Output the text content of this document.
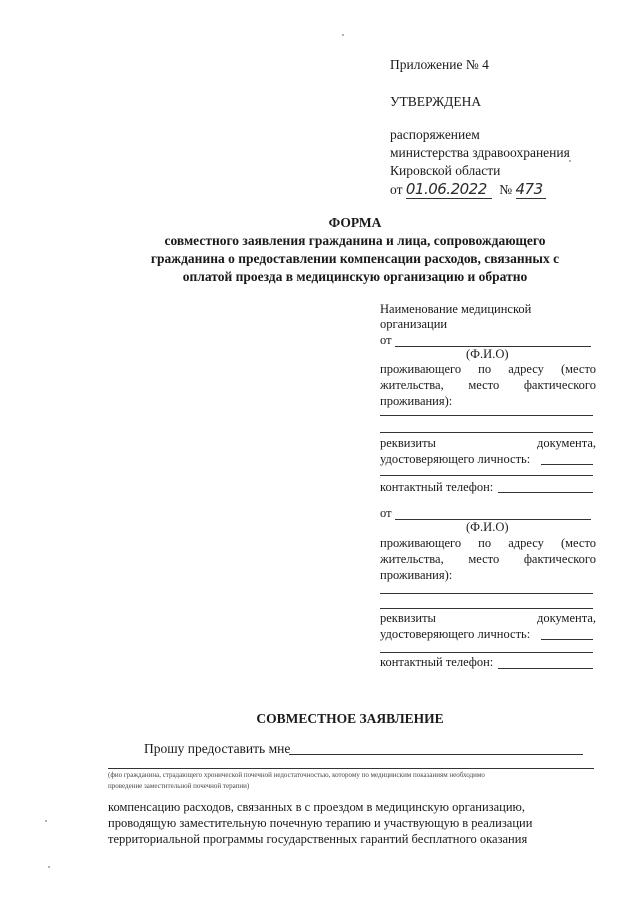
Приложение № 4
УТВЕРЖДЕНА
распоряжением
министерства здравоохранения
Кировской области
от 01.06.2022 № 473
ФОРМА
совместного заявления гражданина и лица, сопровождающего
гражданина о предоставлении компенсации расходов, связанных с
оплатой проезда в медицинскую организацию и обратно
Наименование медицинской
организации
от
(Ф.И.О)
проживающего по адресу (место
жительства, место фактического
проживания):
реквизиты	документа,
удостоверяющего личность:
контактный телефон:
от
(Ф.И.О)
проживающего по адресу (место
жительства, место фактического
проживания):
реквизиты	документа,
удостоверяющего личность:
контактный телефон:
СОВМЕСТНОЕ ЗАЯВЛЕНИЕ
Прошу предоставить мне
(фио гражданина, страдающего хронической почечной недостаточностью, которому по медицинским показаниям необходимо
проведение заместительной почечной терапии)
компенсацию расходов, связанных в с проездом в медицинскую организацию,
проводящую заместительную почечную терапию и участвующую в реализации
территориальной программы государственных гарантий бесплатного оказания
